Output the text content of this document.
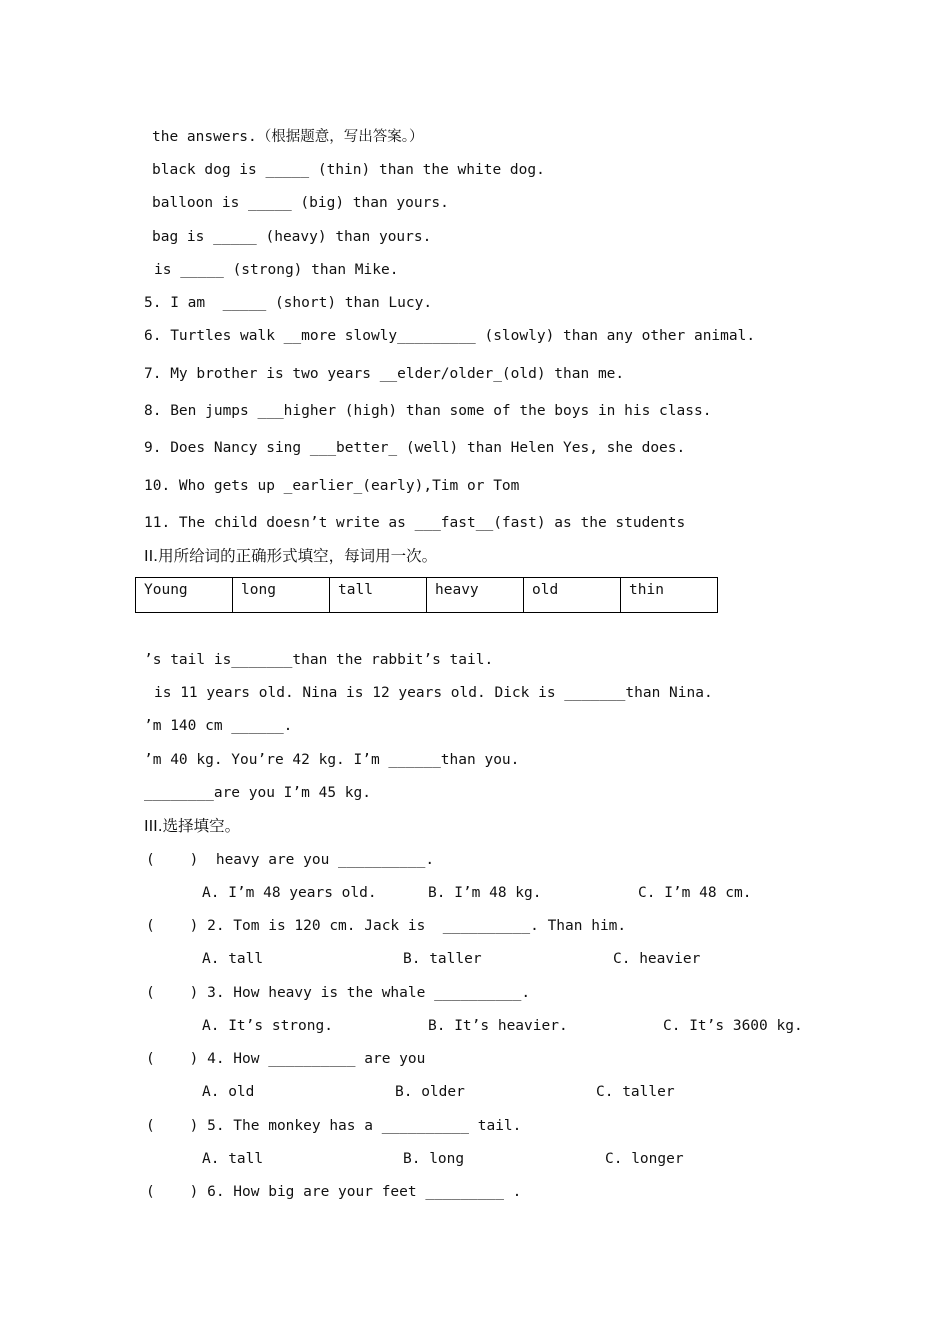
the answers.（根据题意，写出答案。）
black dog is _____ (thin) than the white dog.
balloon is _____ (big) than yours.
bag is _____ (heavy) than yours.
is _____ (strong) than Mike.
5. I am  _____ (short) than Lucy.
6. Turtles walk __more slowly_________ (slowly) than any other animal.
7. My brother is two years __elder/older_(old) than me.
8. Ben jumps ___higher (high) than some of the boys in his class.
9. Does Nancy sing ___better_ (well) than Helen Yes, she does.
10. Who gets up _earlier_(early),Tim or Tom
11. The child doesn’t write as ___fast__(fast) as the students
II.用所给词的正确形式填空，每词用一次。
Young	long	tall	heavy	old	thin
’s tail is_______than the rabbit’s tail.
is 11 years old. Nina is 12 years old. Dick is _______than Nina.
’m 140 cm ______.
’m 40 kg. You’re 42 kg. I’m ______than you.
________are you I’m 45 kg.
III.选择填空。
(    )  heavy are you __________.
A. I’m 48 years old.	B. I’m 48 kg.	C. I’m 48 cm.
(    ) 2. Tom is 120 cm. Jack is  __________. Than him.
A. tall	B. taller	C. heavier
(    ) 3. How heavy is the whale __________.
A. It’s strong.	B. It’s heavier.	C. It’s 3600 kg.
(    ) 4. How __________ are you
A. old	B. older	C. taller
(    ) 5. The monkey has a __________ tail.
A. tall	B. long	C. longer
(    ) 6. How big are your feet _________ .
